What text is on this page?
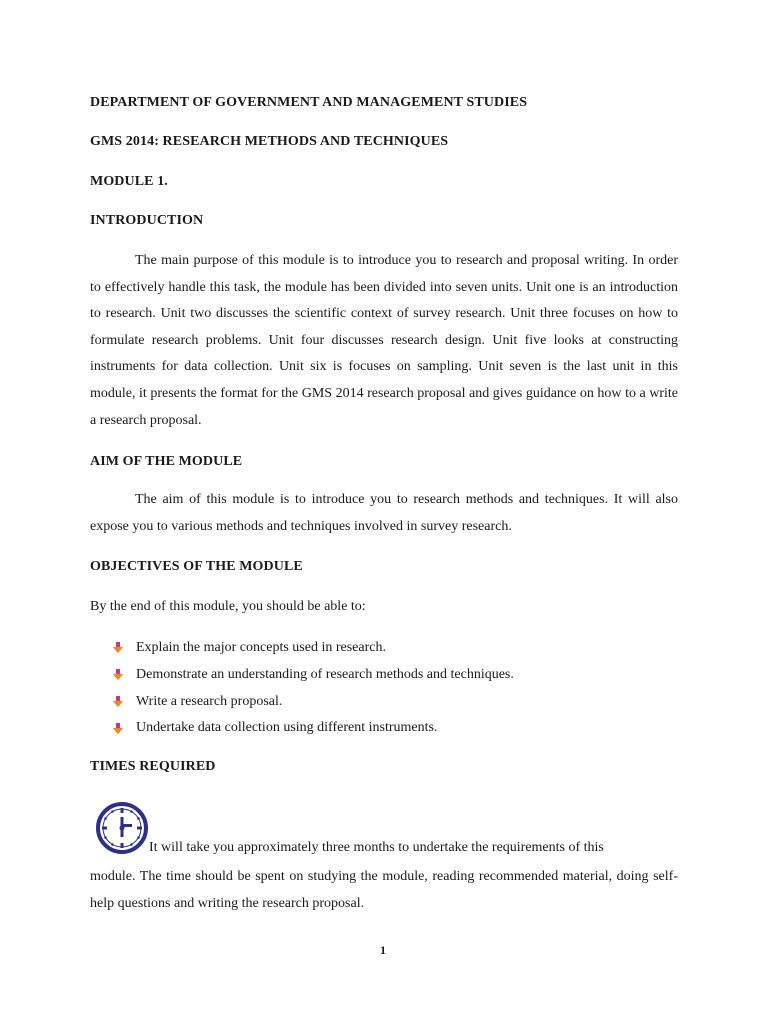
DEPARTMENT OF GOVERNMENT AND MANAGEMENT STUDIES
GMS 2014: RESEARCH METHODS AND TECHNIQUES
MODULE 1.
INTRODUCTION

The main purpose of this module is to introduce you to research and proposal writing. In order to effectively handle this task, the module has been divided into seven units. Unit one is an introduction to research. Unit two discusses the scientific context of survey research. Unit three focuses on how to formulate research problems. Unit four discusses research design. Unit five looks at constructing instruments for data collection. Unit six is focuses on sampling. Unit seven is the last unit in this module, it presents the format for the GMS 2014 research proposal and gives guidance on how to a write a research proposal.

AIM OF THE MODULE

The aim of this module is to introduce you to research methods and techniques. It will also expose you to various methods and techniques involved in survey research.

OBJECTIVES OF THE MODULE

By the end of this module, you should be able to:

Explain the major concepts used in research.
Demonstrate an understanding of research methods and techniques.
Write a research proposal.
Undertake data collection using different instruments.
TIMES REQUIRED
It will take you approximately three months to undertake the requirements of this

module. The time should be spent on studying the module, reading recommended material, doing self-help questions and writing the research proposal.

1
